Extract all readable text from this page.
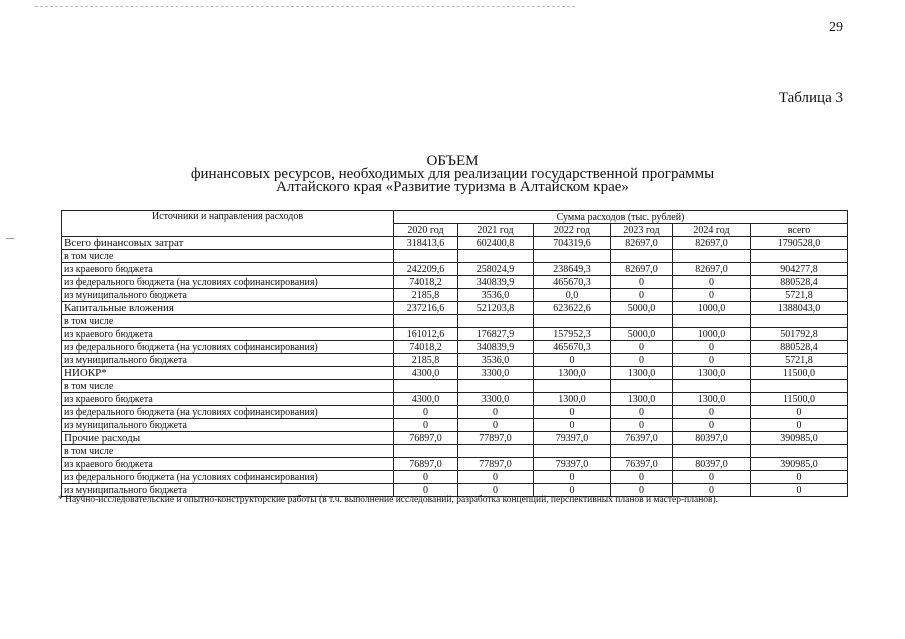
29
Таблица 3
ОБЪЕМ
финансовых ресурсов, необходимых для реализации государственной программы
Алтайского края «Развитие туризма в Алтайском крае»
Источники и направления расходов	Сумма расходов (тыс. рублей)					
	2020 год	2021 год	2022 год	2023 год	2024 год	всего
Всего финансовых затрат	318413,6	602400,8	704319,6	82697,0	82697,0	1790528,0
в том числе						
из краевого бюджета	242209,6	258024,9	238649,3	82697,0	82697,0	904277,8
из федерального бюджета (на условиях софинансирования)	74018,2	340839,9	465670,3	0	0	880528,4
из муниципального бюджета	2185,8	3536,0	0,0	0	0	5721,8
Капитальные вложения	237216,6	521203,8	623622,6	5000,0	1000,0	1388043,0
в том числе						
из краевого бюджета	161012,6	176827,9	157952,3	5000,0	1000,0	501792,8
из федерального бюджета (на условиях софинансирования)	74018,2	340839,9	465670,3	0	0	880528,4
из муниципального бюджета	2185,8	3536,0	0	0	0	5721,8
НИОКР*	4300,0	3300,0	1300,0	1300,0	1300,0	11500,0
в том числе						
из краевого бюджета	4300,0	3300,0	1300,0	1300,0	1300,0	11500,0
из федерального бюджета (на условиях софинансирования)	0	0	0	0	0	0
из муниципального бюджета	0	0	0	0	0	0
Прочие расходы	76897,0	77897,0	79397,0	76397,0	80397,0	390985,0
в том числе						
из краевого бюджета	76897,0	77897,0	79397,0	76397,0	80397,0	390985,0
из федерального бюджета (на условиях софинансирования)	0	0	0	0	0	0
из муниципального бюджета	0	0	0	0	0	0
* Научно-исследовательские и опытно-конструкторские работы (в т.ч. выполнение исследований, разработка концепций, перспективных планов и мастер-планов).
